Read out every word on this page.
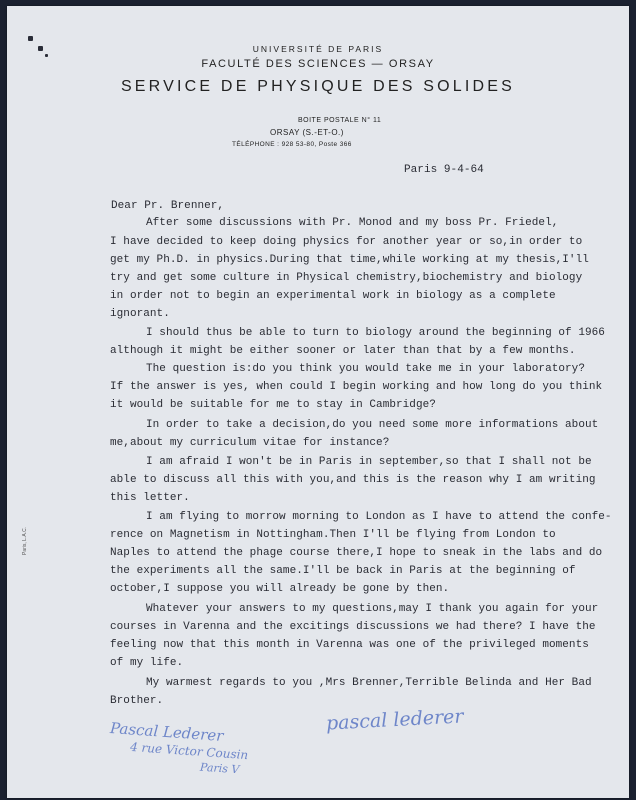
UNIVERSITÉ DE PARIS
FACULTÉ DES SCIENCES — ORSAY
SERVICE DE PHYSIQUE DES SOLIDES
BOITE POSTALE N° 11
ORSAY (S.-ET-O.)
TÉLÉPHONE : 928 53-80, Poste 366
Paris, L.A.C.
Paris 9-4-64
Dear Pr. Brenner,
After some discussions with Pr. Monod and my boss Pr. Friedel,
I have decided to keep doing physics for another year or so,in order to
get my Ph.D. in physics.During that time,while working at my thesis,I'll
try and get some culture in Physical chemistry,biochemistry and biology
in order not to begin an experimental work in biology as a complete
ignorant.
I should thus be able to turn to biology around the beginning of 1966
although it might be either sooner or later than that by a few months.
The question is:do you think you would take me in your laboratory?
If the answer is yes, when could I begin working and how long do you think
it would be suitable for me to stay in Cambridge?
In order to take a decision,do you need some more informations about
me,about my curriculum vitae for instance?
I am afraid I won't be in Paris in september,so that I shall not be
able to discuss all this with you,and this is the reason why I am writing
this letter.
I am flying to morrow morning to London as I have to attend the confe-
rence on Magnetism in Nottingham.Then I'll be flying from London to
Naples to attend the phage course there,I hope to sneak in the labs and do
the experiments all the same.I'll be back in Paris at the beginning of
october,I suppose you will already be gone by then.
Whatever your answers to my questions,may I thank you again for your
courses in Varenna and the excitings discussions we had there? I have the
feeling now that this month in Varenna was one of the privileged moments
of my life.
My warmest regards to you ,Mrs Brenner,Terrible Belinda and Her Bad
Brother.
pascal lederer
Pascal Lederer
4 rue Victor Cousin
Paris V
